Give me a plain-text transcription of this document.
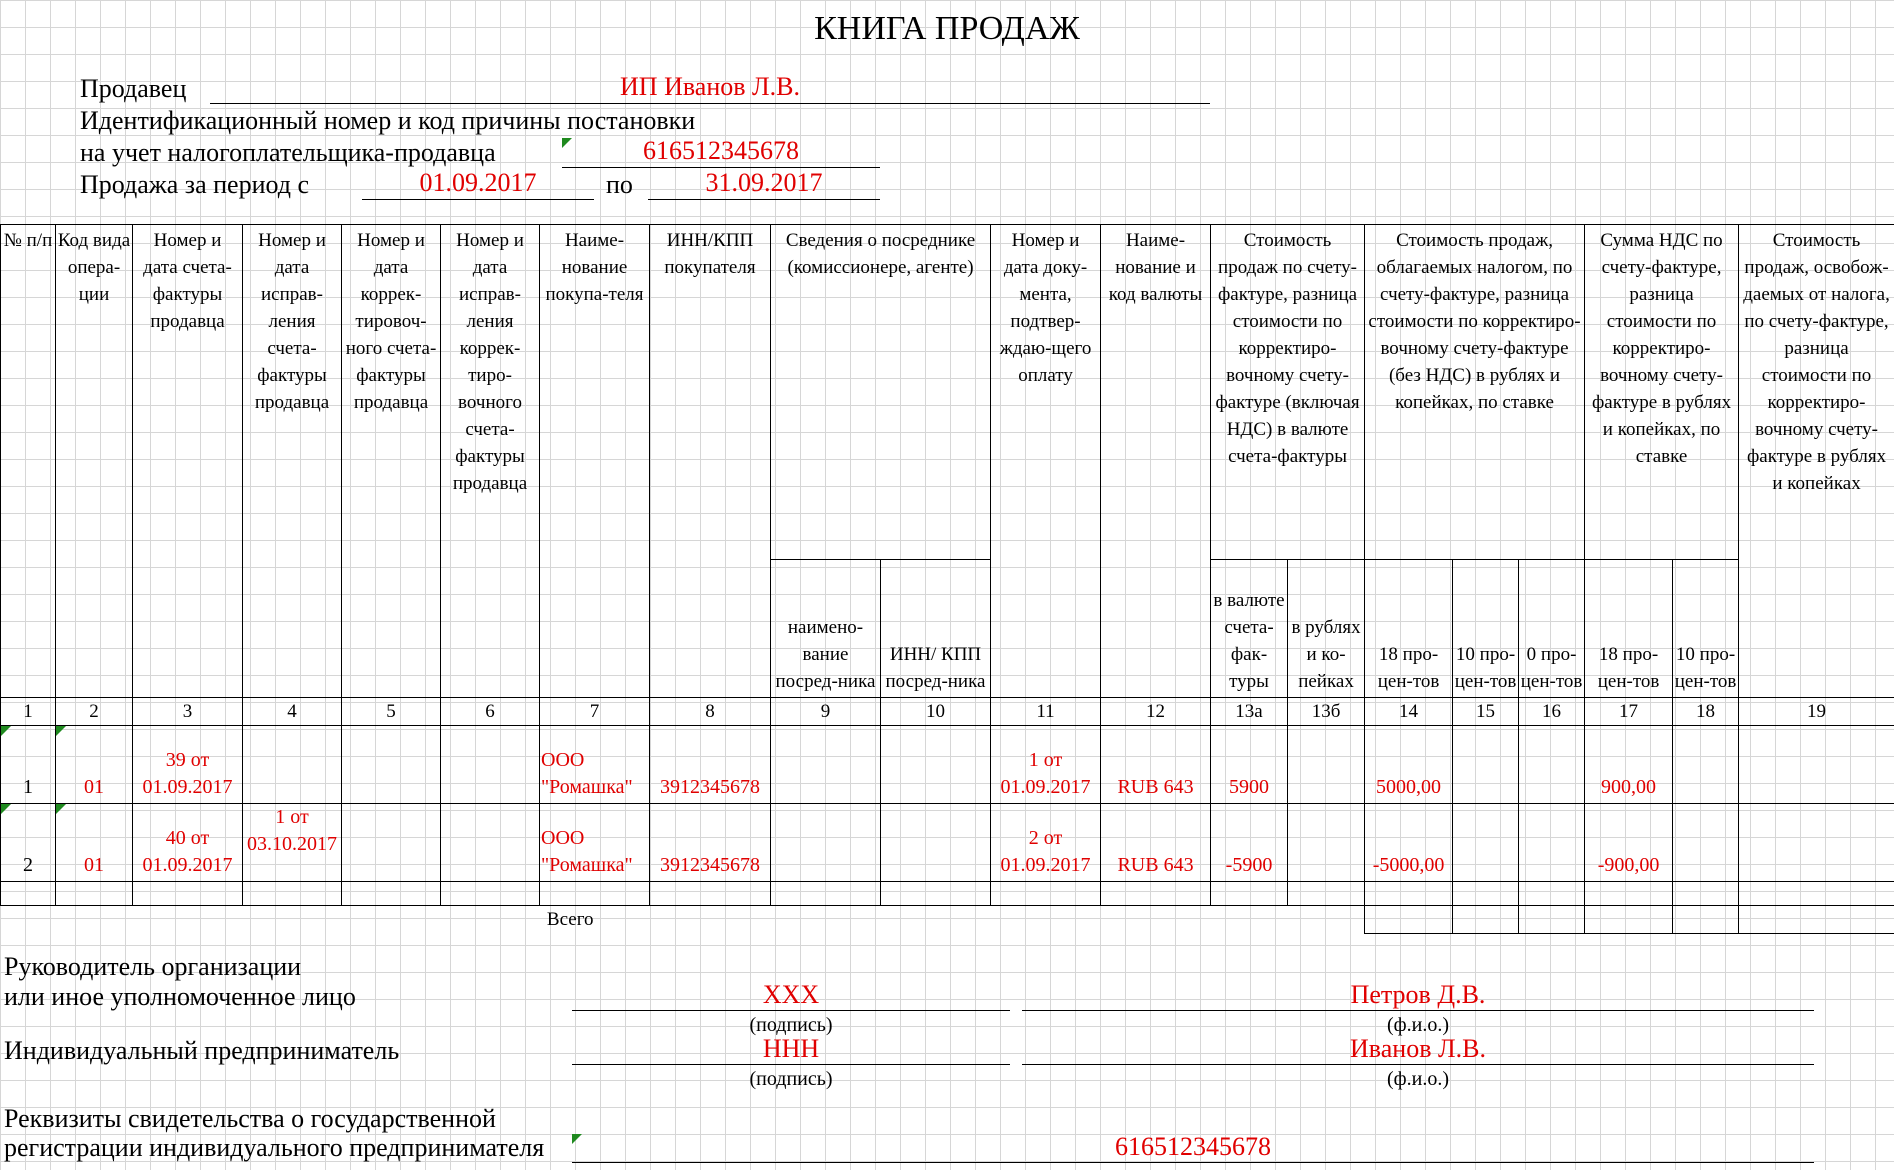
КНИГА ПРОДАЖ
Продавец	ИП Иванов Л.В.
Идентификационный номер и код причины постановки
на учет налогоплательщика-продавца	616512345678
Продажа за период с	01.09.2017	по	31.09.2017
№ п/п	Код вида опера-ции	Номер и дата счета-фактуры продавца	Номер и дата исправ-ления счета-фактуры продавца	Номер и дата коррек-тировоч-ного счета-фактуры продавца	Номер и дата исправ-ления коррек-тиро-вочного счета-фактуры продавца	Наиме-нование покупа-теля	ИНН/КПП покупателя	Сведения о посреднике (комиссионере, агенте)		Номер и дата доку-мента, подтвер-ждаю-щего оплату	Наиме-нование и код валюты	Стоимость продаж по счету-фактуре, разница стоимости по корректиро-вочному счету-фактуре (включая НДС) в валюте счета-фактуры		Стоимость продаж, облагаемых налогом, по счету-фактуре, разница стоимости по корректиро-вочному счету-фактуре (без НДС) в рублях и копейках, по ставке			Сумма НДС по счету-фактуре, разница стоимости по корректиро-вочному счету-фактуре в рублях и копейках, по ставке		Стоимость продаж, освобож-даемых от налога, по счету-фактуре, разница стоимости по корректиро-вочному счету-фактуре в рублях и копейках
								наимено-вание посред-ника	ИНН/ КПП посред-ника			в валюте счета-фак-туры	в рублях и ко-пейках	18 про-цен-тов	10 про-цен-тов	0 про-цен-тов	18 про-цен-тов	10 про-цен-тов	
1	2	3	4	5	6	7	8	9	10	11	12	13а	13б	14	15	16	17	18	19

1	01	39 от 01.09.2017				ООО "Ромашка"	3912345678			1 от 01.09.2017	RUB 643	5900		5000,00			900,00		

2	01	40 от 01.09.2017	1 от 03.10.2017			ООО "Ромашка"	3912345678			2 от 01.09.2017	RUB 643	-5900		-5000,00			-900,00		

Всего																			
Руководитель организации
или иное уполномоченное лицо	XXX	Петров Д.В.
(подпись)	(ф.и.о.)
Индивидуальный предприниматель	ННН	Иванов Л.В.
(подпись)	(ф.и.о.)
Реквизиты свидетельства о государственной
регистрации индивидуального предпринимателя	616512345678
